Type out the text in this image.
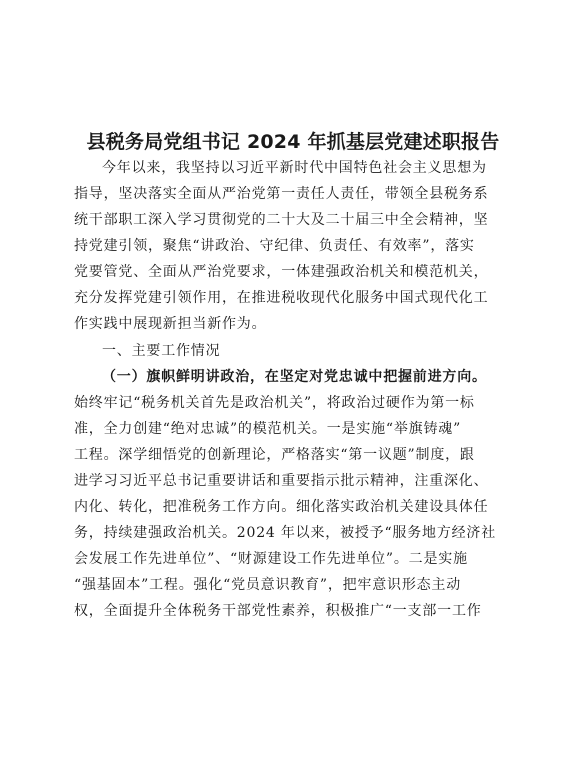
县税务局党组书记 2024 年抓基层党建述职报告
今年以来，我坚持以习近平新时代中国特色社会主义思想为
指导，坚决落实全面从严治党第一责任人责任，带领全县税务系
统干部职工深入学习贯彻党的二十大及二十届三中全会精神，坚
持党建引领，聚焦“讲政治、守纪律、负责任、有效率”，落实
党要管党、全面从严治党要求，一体建强政治机关和模范机关，
充分发挥党建引领作用，在推进税收现代化服务中国式现代化工
作实践中展现新担当新作为。
一、主要工作情况
（一）旗帜鲜明讲政治，在坚定对党忠诚中把握前进方向。
始终牢记“税务机关首先是政治机关”，将政治过硬作为第一标
准，全力创建“绝对忠诚”的模范机关。一是实施“举旗铸魂”
工程。深学细悟党的创新理论，严格落实“第一议题”制度，跟
进学习习近平总书记重要讲话和重要指示批示精神，注重深化、
内化、转化，把准税务工作方向。细化落实政治机关建设具体任
务，持续建强政治机关。2024 年以来，被授予“服务地方经济社
会发展工作先进单位”、“财源建设工作先进单位”。二是实施
“强基固本”工程。强化“党员意识教育”，把牢意识形态主动
权，全面提升全体税务干部党性素养，积极推广“一支部一工作
